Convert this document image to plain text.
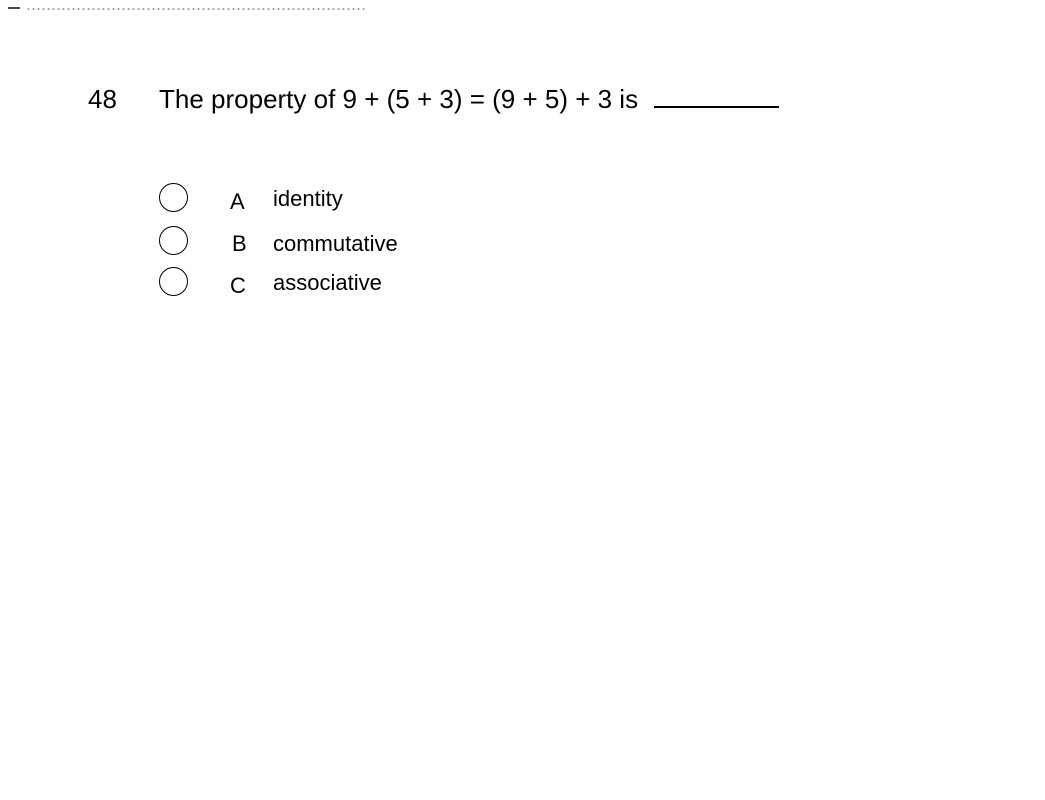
48 The property of 9 + (5 + 3) = (9 + 5) + 3 is
A identity
B commutative
C associative
